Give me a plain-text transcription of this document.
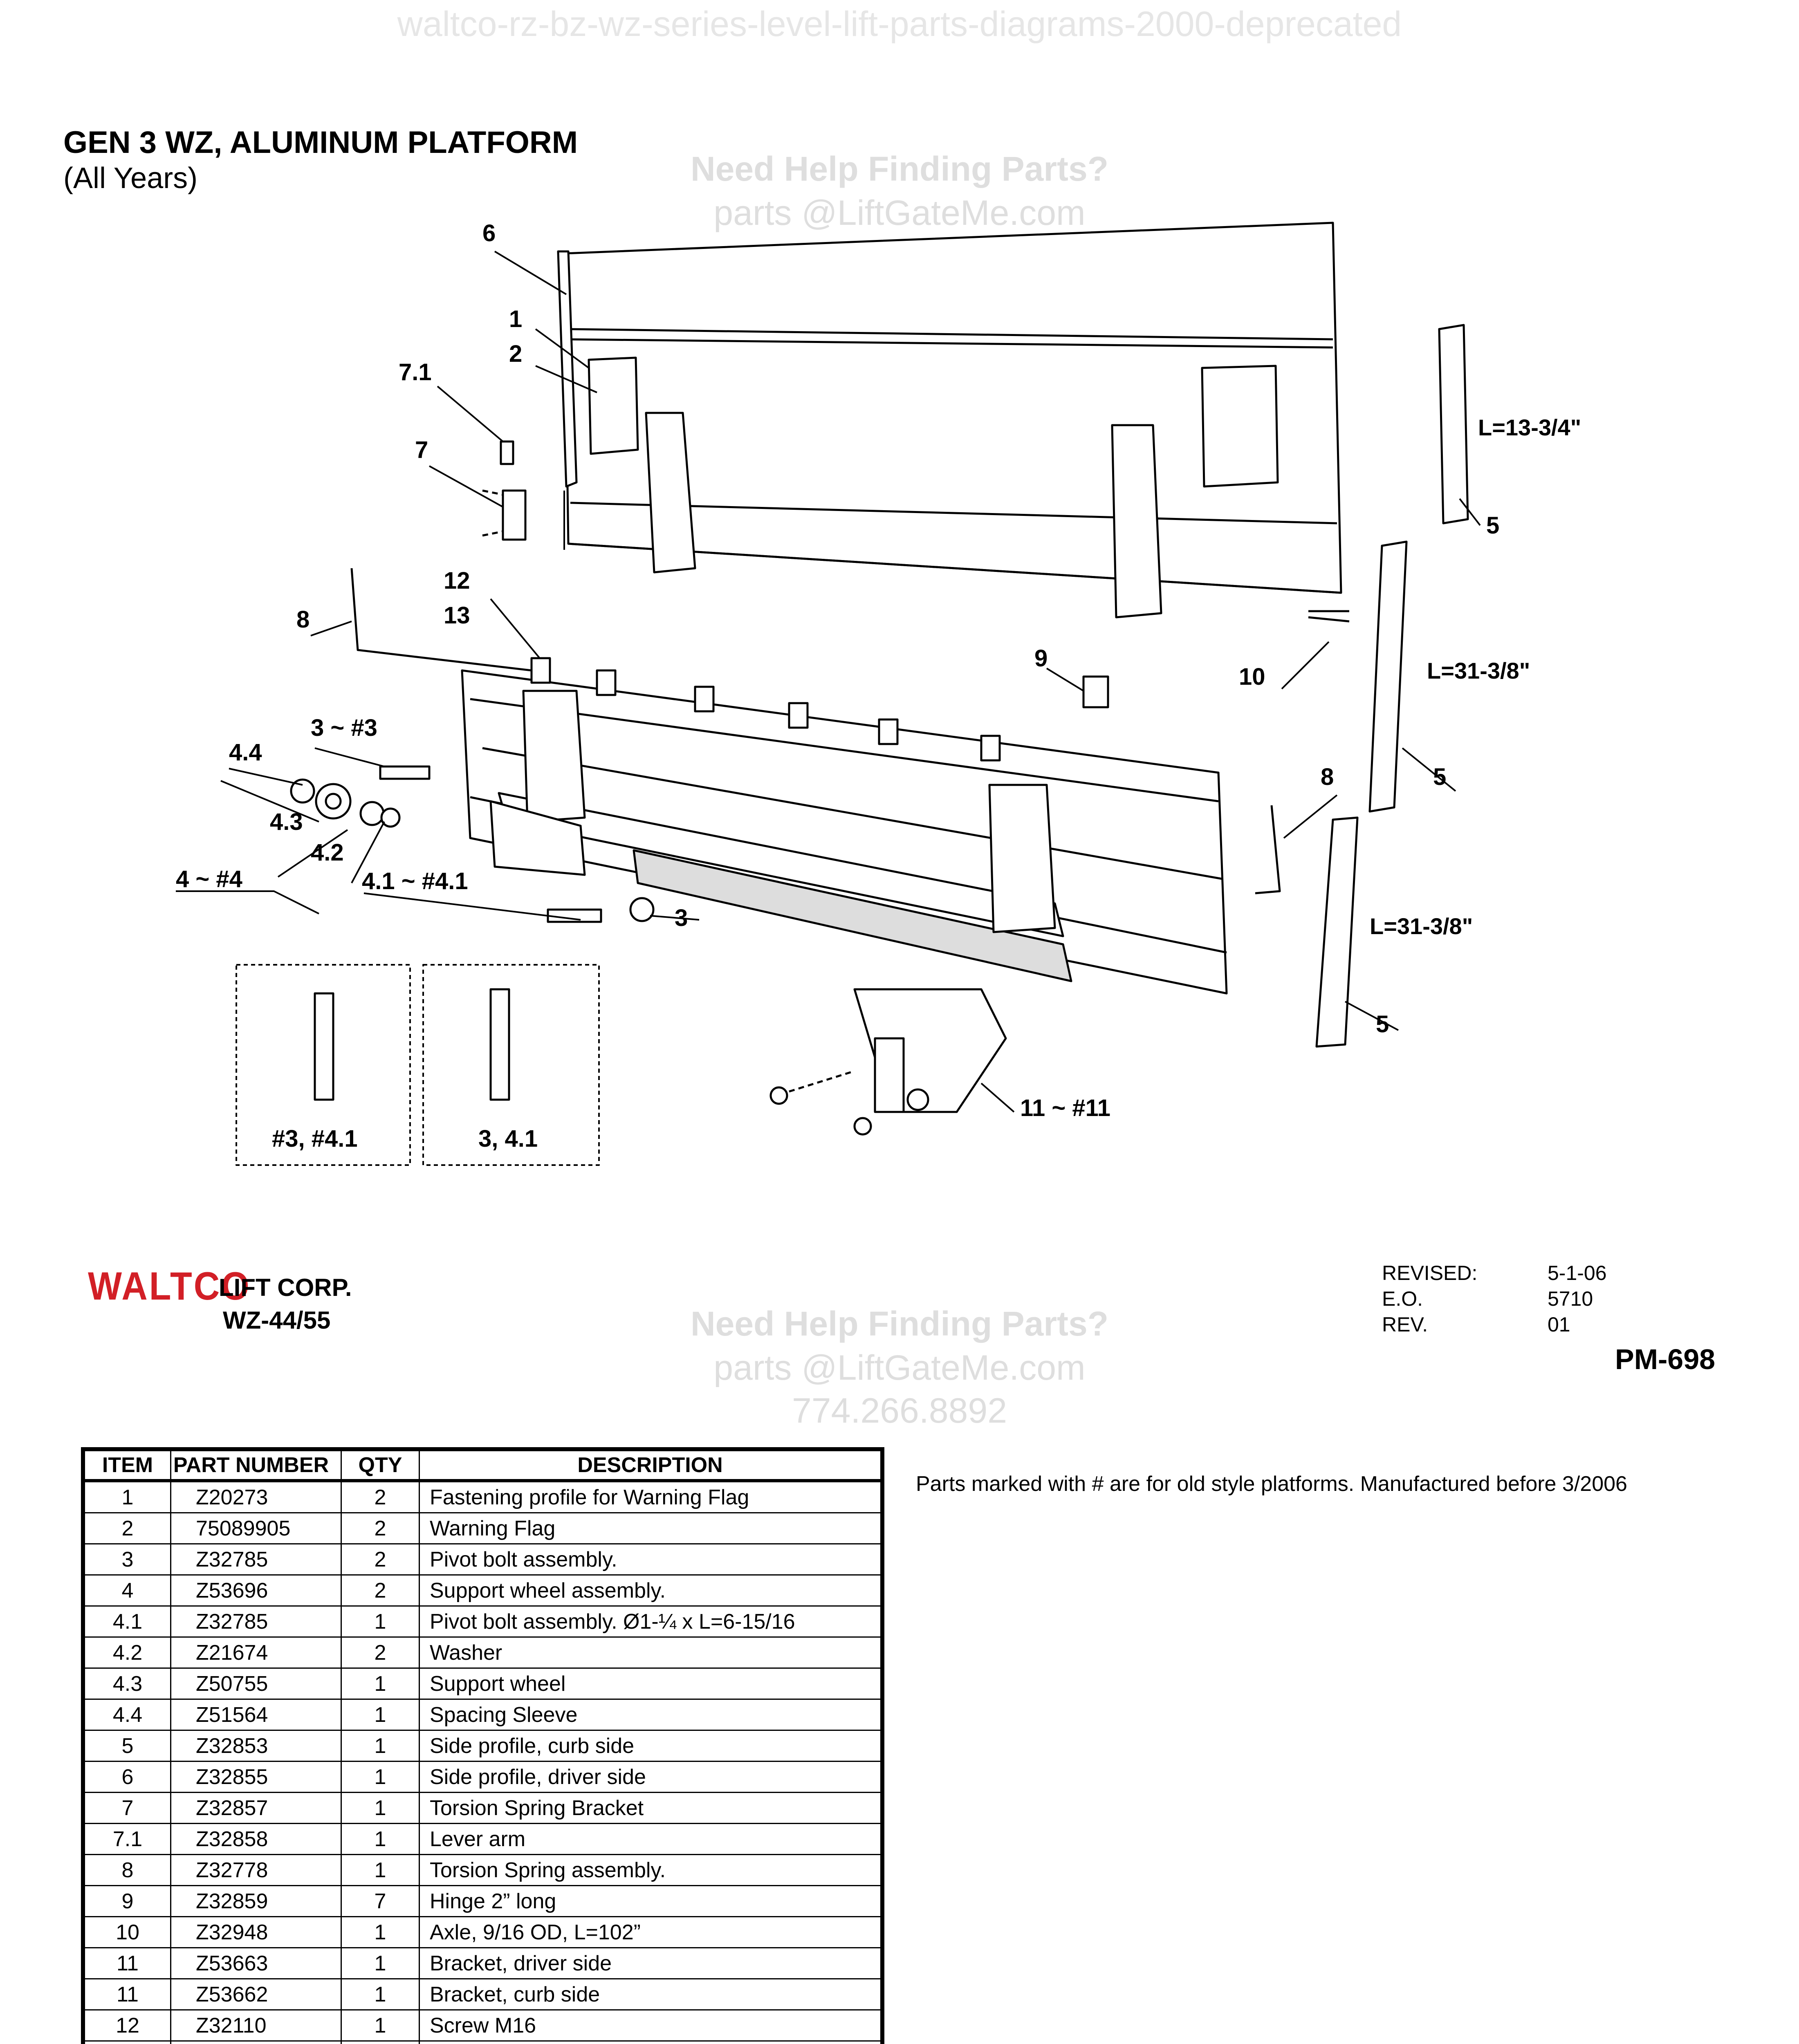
waltco-rz-bz-wz-series-level-lift-parts-diagrams-2000-deprecated
GEN 3 WZ, ALUMINUM PLATFORM
(All Years)	Need Help Finding Parts?
parts @LiftGateMe.com
6
1
2
7.1
7
12
13
8
3 ~ #3
4.4
4.3
4.2
4 ~ #4	4.1 ~ #4.1
3
9
10
8
5
5
5
11 ~ #11
L=13-3/4"
L=31-3/8"
L=31-3/8"
#3, #4.1	3, 4.1
WALTCO
LIFT CORP.
WZ-44/55
REVISED:	5-1-06
E.O.	5710
REV.	01
PM-698
Need Help Finding Parts?
parts @LiftGateMe.com
774.266.8892
ITEM	PART NUMBER	QTY	DESCRIPTION
1	Z20273	2	Fastening profile for Warning Flag
2	75089905	2	Warning Flag
3	Z32785	2	Pivot bolt assembly.
4	Z53696	2	Support wheel assembly.
4.1	Z32785	1	Pivot bolt assembly. Ø1-¼ x L=6-15/16
4.2	Z21674	2	Washer
4.3	Z50755	1	Support wheel
4.4	Z51564	1	Spacing Sleeve
5	Z32853	1	Side profile, curb side
6	Z32855	1	Side profile, driver side
7	Z32857	1	Torsion Spring Bracket
7.1	Z32858	1	Lever arm
8	Z32778	1	Torsion Spring assembly.
9	Z32859	7	Hinge 2” long
10	Z32948	1	Axle, 9/16 OD, L=102”
11	Z53663	1	Bracket, driver side
11	Z53662	1	Bracket, curb side
12	Z32110	1	Screw M16

Parts marked with # are for old style platforms. Manufactured before 3/2006
